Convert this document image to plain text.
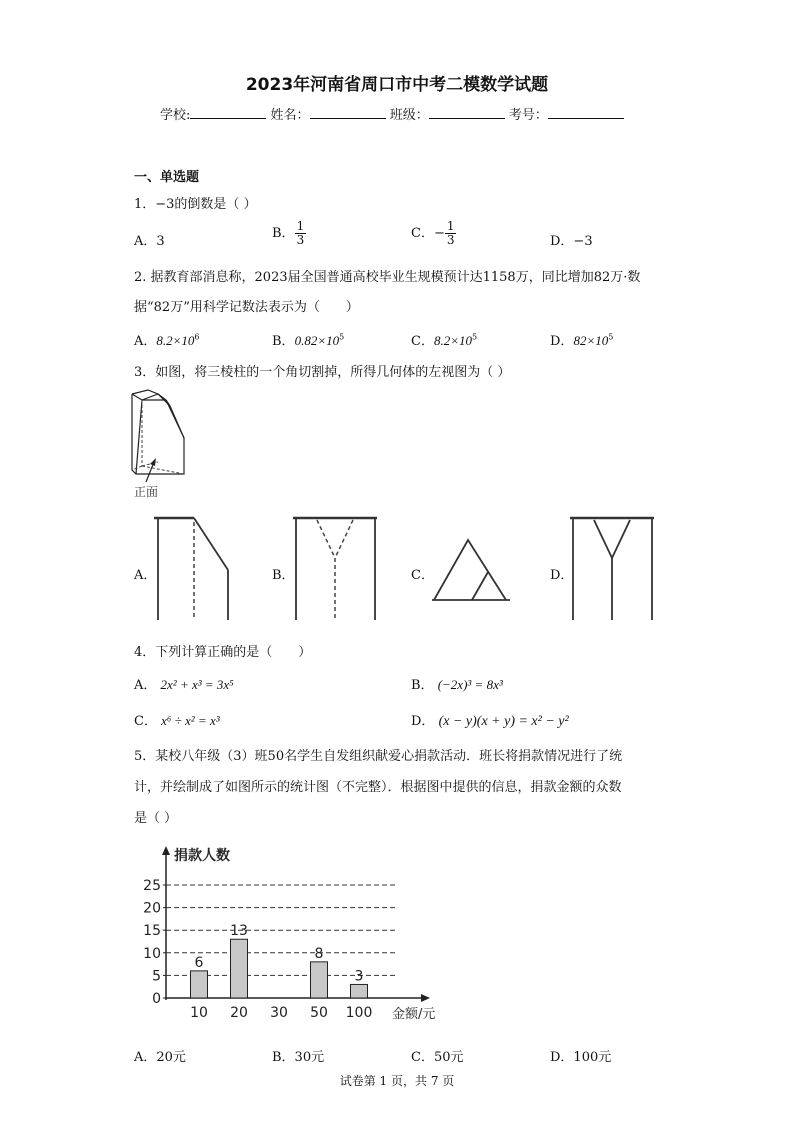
2023年河南省周口市中考二模数学试题
学校:	姓名：	班级：	考号：
一、单选题
1．−3的倒数是（ ）
A．3
B． $\frac{1}{3}$	C．− $\frac{1}{3}$	D．−3
2. 据教育部消息称，2023届全国普通高校毕业生规模预计达1158万，同比增加82万·数
据“82万”用科学记数法表示为（　　）
A．$8.2\times 10^6$	B．$0.82\times 10^5$	C．$8.2\times 10^5$	D．$82\times 10^5$
3．如图，将三棱柱的一个角切割掉，所得几何体的左视图为（ ）
正面
A．	B．	C．	D．
4．下列计算正确的是（　　）
A． 2x² + x³ = 3x⁵	B． (−2x)³ = 8x³
C． x⁶ ÷ x² = x³	D． (x − y)(x + y) = x² − y²
5．某校八年级（3）班50名学生自发组织献爱心捐款活动．班长将捐款情况进行了统
计，并绘制成了如图所示的统计图（不完整）．根据图中提供的信息，捐款金额的众数
是（ ）
捐款人数
金额/元
0
5
10
15
20
25
10
6
20
13
30 50
8
100
3
A．20元	B．30元	C．50元	D．100元
试卷第 1 页，共 7 页
